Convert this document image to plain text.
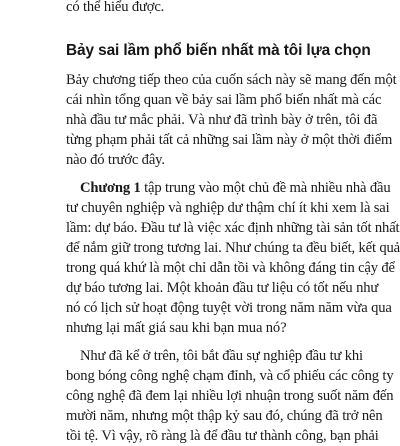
có thể hiểu được.

Bảy sai lầm phổ biến nhất mà tôi lựa chọn

Bảy chương tiếp theo của cuốn sách này sẽ mang đến một

cái nhìn tổng quan về bảy sai lầm phổ biến nhất mà các

nhà đầu tư mắc phải. Và như đã trình bày ở trên, tôi đã

từng phạm phải tất cả những sai lầm này ở một thời điểm

nào đó trước đây.

Chương 1 tập trung vào một chủ đề mà nhiều nhà đầu

tư chuyên nghiệp và nghiệp dư thậm chí ít khi xem là sai

lầm: dự báo. Đầu tư là việc xác định những tài sản tốt nhất

để nắm giữ trong tương lai. Như chúng ta đều biết, kết quả

trong quá khứ là một chỉ dẫn tồi và không đáng tin cậy để

dự báo tương lai. Một khoản đầu tư liệu có tốt nếu như

nó có lịch sử hoạt động tuyệt vời trong năm năm vừa qua

nhưng lại mất giá sau khi bạn mua nó?

Như đã kể ở trên, tôi bắt đầu sự nghiệp đầu tư khi

bong bóng công nghệ chạm đỉnh, và cổ phiếu các công ty

công nghệ đã đem lại nhiều lợi nhuận trong suốt năm đến

mười năm, nhưng một thập kỷ sau đó, chúng đã trở nên

tồi tệ. Vì vậy, rõ ràng là để đầu tư thành công, bạn phải
